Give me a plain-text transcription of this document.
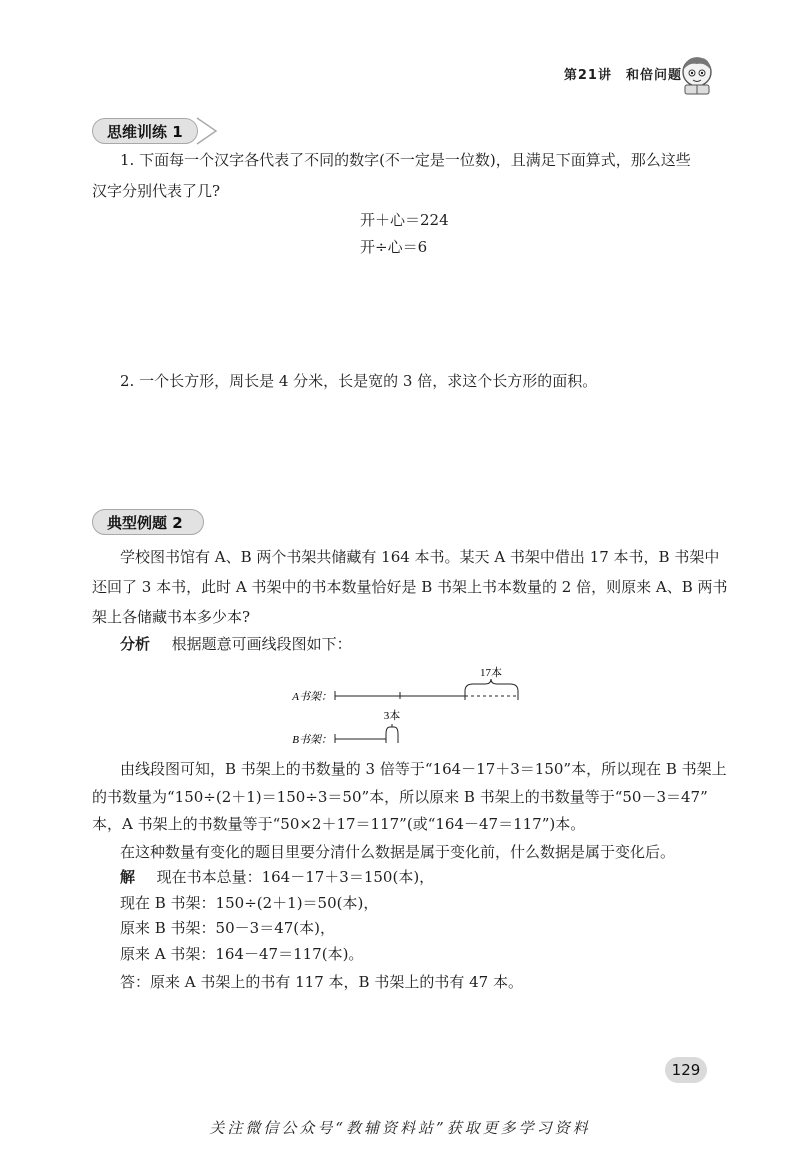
第21讲 和倍问题
思维训练 1
1. 下面每一个汉字各代表了不同的数字(不一定是一位数)，且满足下面算式，那么这些
汉字分别代表了几?
开＋心＝224
开÷心＝6
2. 一个长方形，周长是 4 分米，长是宽的 3 倍，求这个长方形的面积。
典型例题 2
学校图书馆有 A、B 两个书架共储藏有 164 本书。某天 A 书架中借出 17 本书，B 书架中
还回了 3 本书，此时 A 书架中的书本数量恰好是 B 书架上书本数量的 2 倍，则原来 A、B 两书
架上各储藏书本多少本?
分析 根据题意可画线段图如下：
A书架：
B书架：
17本
3本
由线段图可知，B 书架上的书数量的 3 倍等于“164－17＋3＝150”本，所以现在 B 书架上
的书数量为“150÷(2＋1)＝150÷3＝50”本，所以原来 B 书架上的书数量等于“50－3＝47”
本，A 书架上的书数量等于“50×2＋17＝117”(或“164－47＝117”)本。
在这种数量有变化的题目里要分清什么数据是属于变化前，什么数据是属于变化后。
解 现在书本总量：164－17＋3＝150(本)，
现在 B 书架：150÷(2＋1)＝50(本)，
原来 B 书架：50－3＝47(本)，
原来 A 书架：164－47＝117(本)。
答：原来 A 书架上的书有 117 本，B 书架上的书有 47 本。
129
关注微信公众号“教辅资料站”获取更多学习资料
